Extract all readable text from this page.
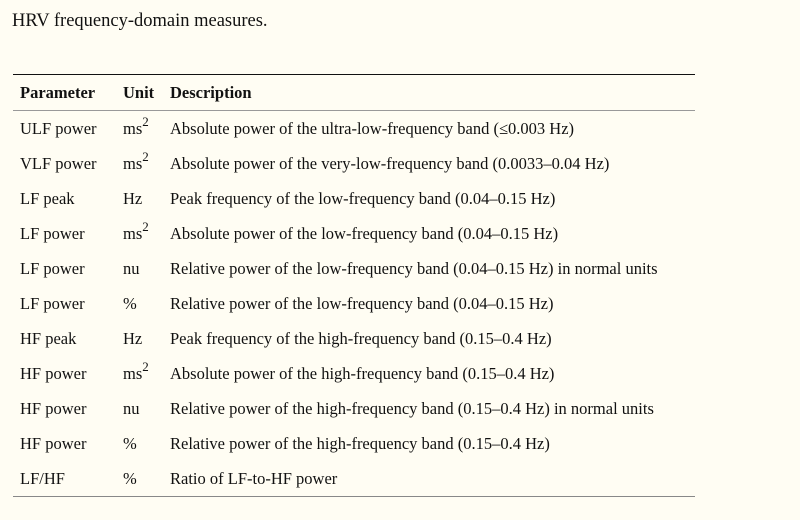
HRV frequency-domain measures.
Parameter	Unit	Description
ULF power	$ms^2$	Absolute power of the ultra-low-frequency band (≤0.003 Hz)
VLF power	$ms^2$	Absolute power of the very-low-frequency band (0.0033–0.04 Hz)
LF peak	Hz	Peak frequency of the low-frequency band (0.04–0.15 Hz)
LF power	$ms^2$	Absolute power of the low-frequency band (0.04–0.15 Hz)
LF power	nu	Relative power of the low-frequency band (0.04–0.15 Hz) in normal units
LF power	%	Relative power of the low-frequency band (0.04–0.15 Hz)
HF peak	Hz	Peak frequency of the high-frequency band (0.15–0.4 Hz)
HF power	$ms^2$	Absolute power of the high-frequency band (0.15–0.4 Hz)
HF power	nu	Relative power of the high-frequency band (0.15–0.4 Hz) in normal units
HF power	%	Relative power of the high-frequency band (0.15–0.4 Hz)
LF/HF	%	Ratio of LF-to-HF power
